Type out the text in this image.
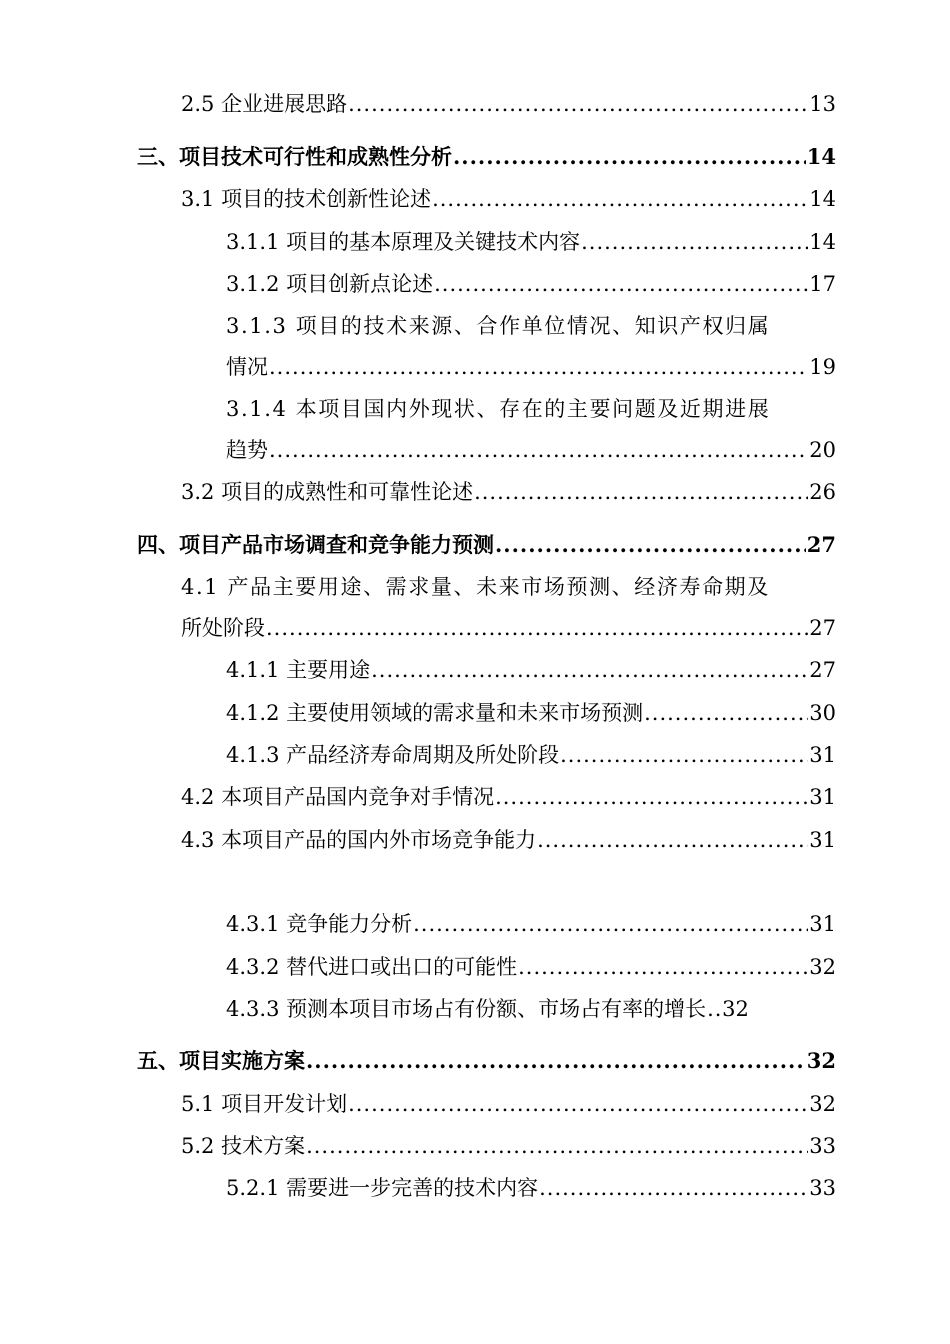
2.5 企业进展思路 .....	13
三、项目技术可行性和成熟性分析 .....	14
3.1 项目的技术创新性论述 .....	14
3.1.1 项目的基本原理及关键技术内容 .....	14
3.1.2 项目创新点论述 .....	17
3.1.3 项目的技术来源、合作单位情况、知识产权归属
情况 .....	19
3.1.4 本项目国内外现状、存在的主要问题及近期进展
趋势 .....	20
3.2 项目的成熟性和可靠性论述 .....	26
四、项目产品市场调查和竞争能力预测 .....	27
4.1 产品主要用途、需求量、未来市场预测、经济寿命期及
所处阶段 .....	27
4.1.1 主要用途 .....	27
4.1.2 主要使用领域的需求量和未来市场预测 .....	30
4.1.3 产品经济寿命周期及所处阶段 .....	31
4.2 本项目产品国内竞争对手情况 .....	31
4.3 本项目产品的国内外市场竞争能力 .....	31
4.3.1 竞争能力分析 .....	31
4.3.2 替代进口或出口的可能性 .....	32
4.3.3 预测本项目市场占有份额、市场占有率的增长 ..... 32
五、项目实施方案 .....	32
5.1 项目开发计划 .....	32
5.2 技术方案 .....	33
5.2.1 需要进一步完善的技术内容 .....	33
